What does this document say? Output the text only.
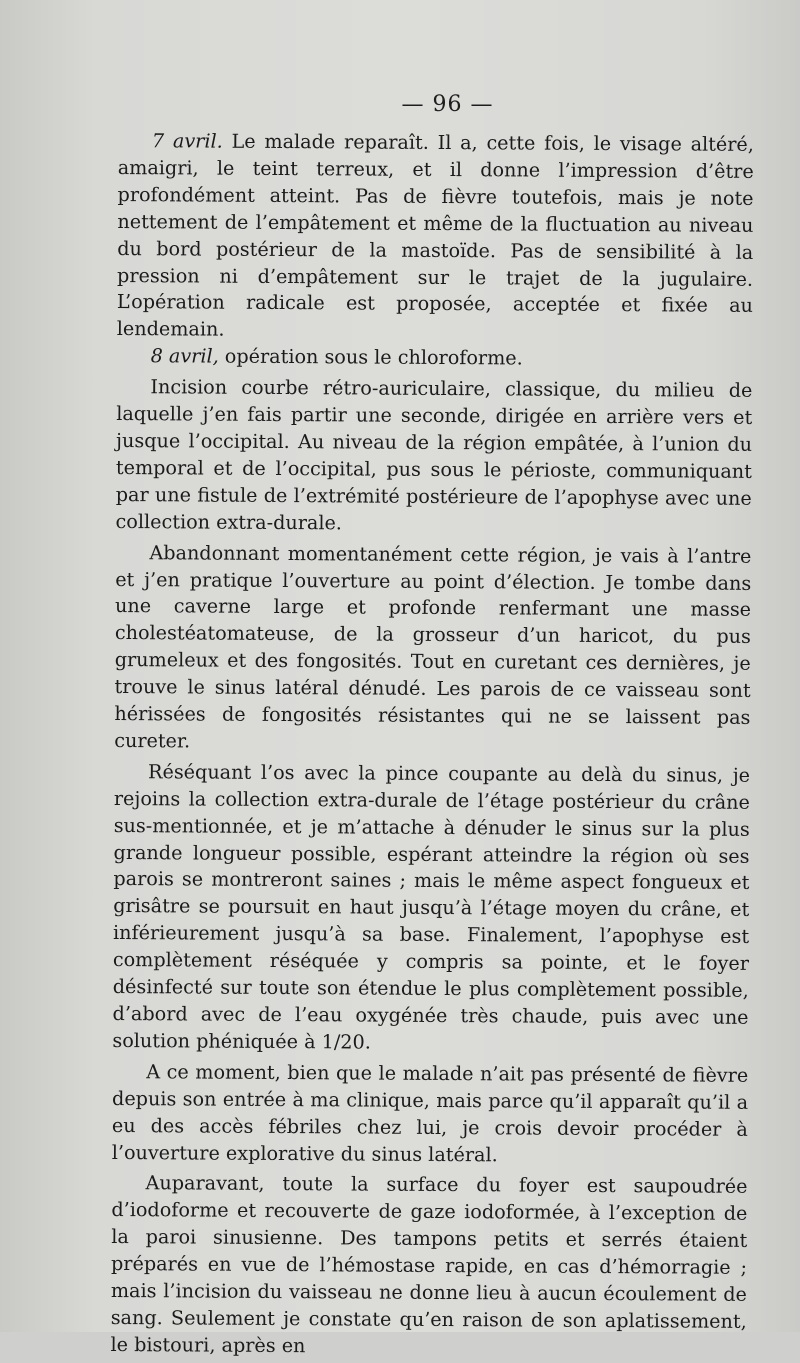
— 96 —

7 avril. Le malade reparaît. Il a, cette fois, le visage altéré, amaigri, le teint terreux, et il donne l’impression d’être profondément atteint. Pas de fièvre toutefois, mais je note nettement de l’empâtement et même de la fluctuation au niveau du bord postérieur de la mastoïde. Pas de sensibilité à la pression ni d’empâtement sur le trajet de la jugulaire. L’opération radicale est proposée, acceptée et fixée au lendemain.

8 avril, opération sous le chloroforme.

Incision courbe rétro-auriculaire, classique, du milieu de laquelle j’en fais partir une seconde, dirigée en arrière vers et jusque l’occipital. Au niveau de la région empâtée, à l’union du temporal et de l’occipital, pus sous le périoste, communiquant par une fistule de l’extrémité postérieure de l’apophyse avec une collection extra-durale.

Abandonnant momentanément cette région, je vais à l’antre et j’en pratique l’ouverture au point d’élection. Je tombe dans une caverne large et profonde renfermant une masse cholestéatomateuse, de la grosseur d’un haricot, du pus grumeleux et des fongosités. Tout en curetant ces dernières, je trouve le sinus latéral dénudé. Les parois de ce vaisseau sont hérissées de fongosités résistantes qui ne se laissent pas cureter.

Réséquant l’os avec la pince coupante au delà du sinus, je rejoins la collection extra-durale de l’étage postérieur du crâne sus-mentionnée, et je m’attache à dénuder le sinus sur la plus grande longueur possible, espérant atteindre la région où ses parois se montreront saines ; mais le même aspect fongueux et grisâtre se poursuit en haut jusqu’à l’étage moyen du crâne, et inférieurement jusqu’à sa base. Finalement, l’apophyse est complètement réséquée y compris sa pointe, et le foyer désinfecté sur toute son étendue le plus complètement possible, d’abord avec de l’eau oxygénée très chaude, puis avec une solution phéniquée à 1/20.

A ce moment, bien que le malade n’ait pas présenté de fièvre depuis son entrée à ma clinique, mais parce qu’il apparaît qu’il a eu des accès fébriles chez lui, je crois devoir procéder à l’ouverture explorative du sinus latéral.

Auparavant, toute la surface du foyer est saupoudrée d’iodoforme et recouverte de gaze iodoformée, à l’exception de la paroi sinusienne. Des tampons petits et serrés étaient préparés en vue de l’hémostase rapide, en cas d’hémorragie ; mais l’incision du vaisseau ne donne lieu à aucun écoulement de sang. Seulement je constate qu’en raison de son aplatissement, le bistouri, après en
